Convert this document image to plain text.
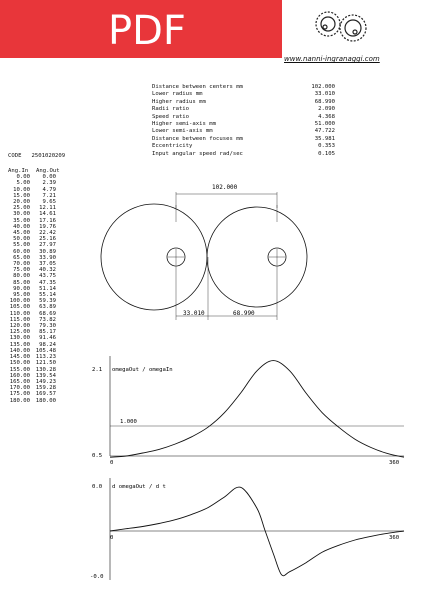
PDF
www.nanni-ingranaggi.com
Distance between centers mm	102.000
Lower radius mm	33.010
Higher radius mm	68.990
Radii ratio	2.090
Speed ratio	4.368
Higher semi-axis mm	51.000
Lower semi-axis mm	47.722
Distance between focuses mm	35.981
Eccentricity	0.353
Input angular speed rad/sec	0.105
CODE 2501020209
Ang.In	Ang.Out
0.00	0.00
5.00	2.39
10.00	4.79
15.00	7.21
20.00	9.65
25.00	12.11
30.00	14.61
35.00	17.16
40.00	19.76
45.00	22.42
50.00	25.16
55.00	27.97
60.00	30.89
65.00	33.90
70.00	37.05
75.00	40.32
80.00	43.75
85.00	47.35
90.00	51.14
95.00	55.14
100.00	59.39
105.00	63.89
110.00	68.69
115.00	73.82
120.00	79.30
125.00	85.17
130.00	91.46
135.00	98.24
140.00	105.48
145.00	113.23
150.00	121.50
155.00	130.28
160.00	139.54
165.00	149.23
170.00	159.28
175.00	169.57
180.00	180.00
102.000
33.010	68.990
2.1
0.5
omegaOut / omegaIn
1.000
0	360
0.0
-0.0
d omegaOut / d t
0	360
